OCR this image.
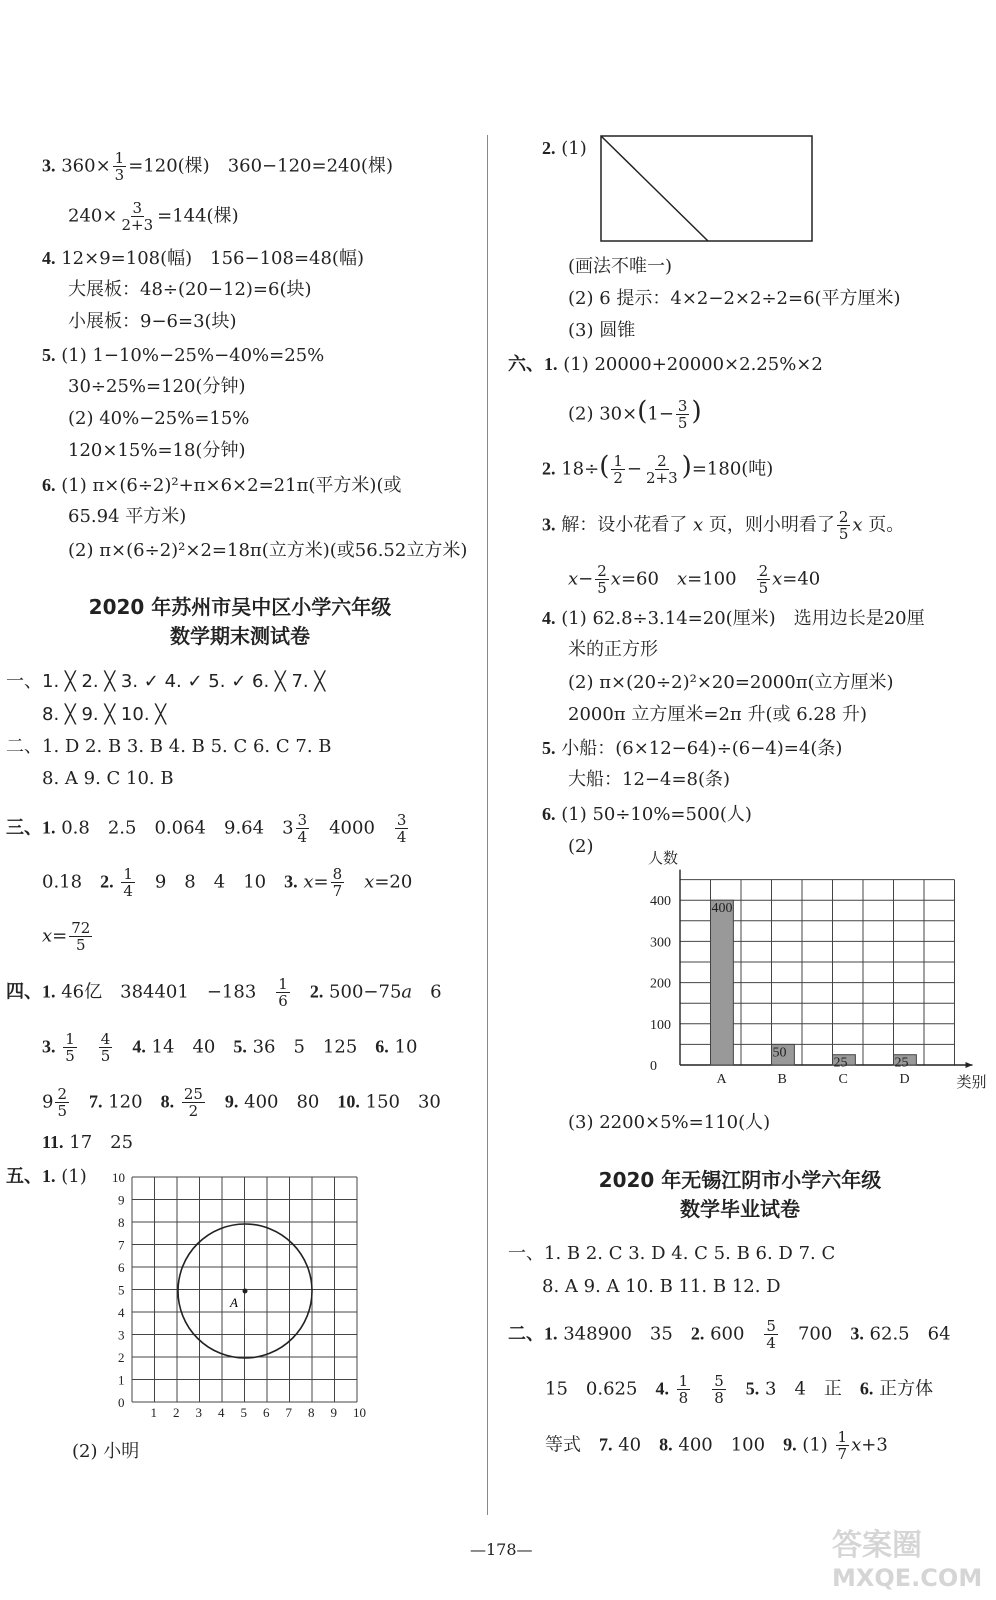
3. $360\times \frac{1}{3} =120$(棵)　360−120=240(棵)
$240\times \frac{3}{2+3} =144$(棵)
4. 12×9=108(幅)　156−108=48(幅)
大展板：48÷(20−12)=6(块)
小展板：9−6=3(块)
5. (1) 1−10%−25%−40%=25%
30÷25%=120(分钟)
(2) 40%−25%=15%
120×15%=18(分钟)
6. (1) π×(6÷2)²+π×6×2=21π(平方米)(或
65.94 平方米)
(2) π×(6÷2)²×2=18π(立方米)(或56.52立方米)
2020 年苏州市吴中区小学六年级
数学期末测试卷
一、1. ╳ 2. ╳ 3. ✓ 4. ✓ 5. ✓ 6. ╳ 7. ╳
8. ╳ 9. ╳ 10. ╳
二、1. D 2. B 3. B 4. B 5. C 6. C 7. B
8. A 9. C 10. B
三、1. 0.8　2.5　0.064　9.64　$3 \frac{3}{4}$ 　4000　 $\frac{3}{4}$
0.18　2. $\frac{1}{4}$ 　9　8　4　10　3. $x= \frac{8}{7}$
　 x=20
$x= \frac{72}{5}$
四、1. 46亿　384401　−183　 $\frac{1}{6}$
　 2. 500−75a　6
3. $\frac{1}{5}$
　 $\frac{4}{5}$
　 4. 14　40　5. 36　5　125　6. 10
$9 \frac{2}{5}$
　 7. 120　8. $\frac{25}{2}$
　 9. 400　80　10. 150　30
11. 17　25
五、1. (1)
0
1
1
2
2
3
3
4
4
5
5
6
6
7
7
8
8
9
9
10
10
A
(2) 小明
2. (1)
(画法不唯一)
(2) 6 提示：4×2−2×2÷2=6(平方厘米)
(3) 圆锥
六、1. (1) 20000+20000×2.25%×2
(2) $30\times(1- \frac{3}{5}$ )
2. $18\div( \frac{1}{2} - \frac{2}{2+3} )=180$(吨)
3. 解：设小花看了 x 页，则小明看了 $\frac{2}{5}$ x 页。
$x- \frac{2}{5} x=60$　x=100　 $\frac{2}{5} x=40$
4. (1) 62.8÷3.14=20(厘米)　选用边长是20厘
米的正方形
(2) π×(20÷2)²×20=2000π(立方厘米)
2000π 立方厘米=2π 升(或 6.28 升)
5. 小船：(6×12−64)÷(6−4)=4(条)
大船：12−4=8(条)
6. (1) 50÷10%=500(人)
(2)
0
100
200
300
400
人数
类别
400
A
50
B
25
C
25
D
(3) 2200×5%=110(人)
2020 年无锡江阴市小学六年级
数学毕业试卷
一、1. B 2. C 3. D 4. C 5. B 6. D 7. C
8. A 9. A 10. B 11. B 12. D
二、1. 348900　35　2. 600　 $\frac{5}{4}$ 　700　3. 62.5　64
15　0.625　4. $\frac{1}{8}$
　 $\frac{5}{8}$
　 5. 3　4　正　6. 正方体
等式　7. 40　8. 400　100　9. $(1) \frac{1}{7} x+3$
—178—	答案圈
MXQE.COM
